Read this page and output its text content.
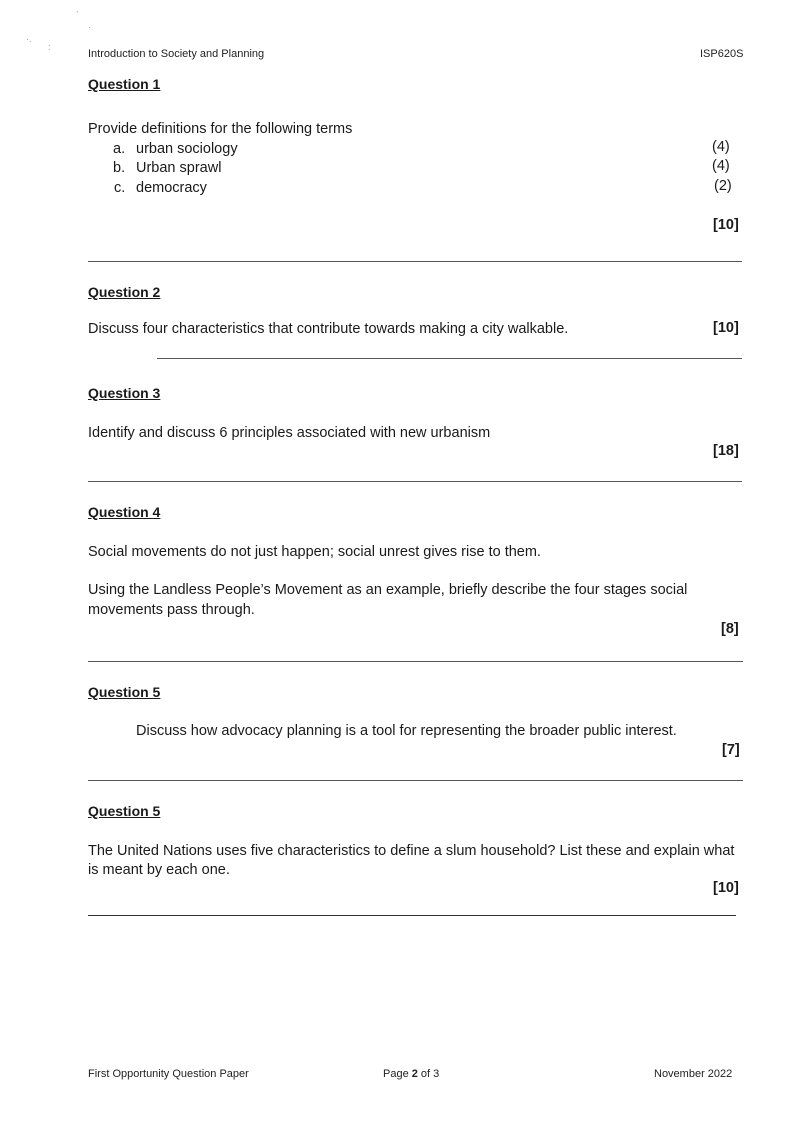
`
·
·.
:
Introduction to Society and Planning	ISP620S
Question 1
Provide definitions for the following terms
a. urban sociology	(4)
b. Urban sprawl	(4)
c. democracy	(2)
[10]
Question 2
Discuss four characteristics that contribute towards making a city walkable.	[10]
Question 3
Identify and discuss 6 principles associated with new urbanism
[18]
Question 4
Social movements do not just happen; social unrest gives rise to them.
Using the Landless People’s Movement as an example, briefly describe the four stages social
movements pass through.
[8]
Question 5
Discuss how advocacy planning is a tool for representing the broader public interest.
[7]
Question 5
The United Nations uses five characteristics to define a slum household? List these and explain what
is meant by each one.
[10]
First Opportunity Question Paper	Page 2 of 3	November 2022
